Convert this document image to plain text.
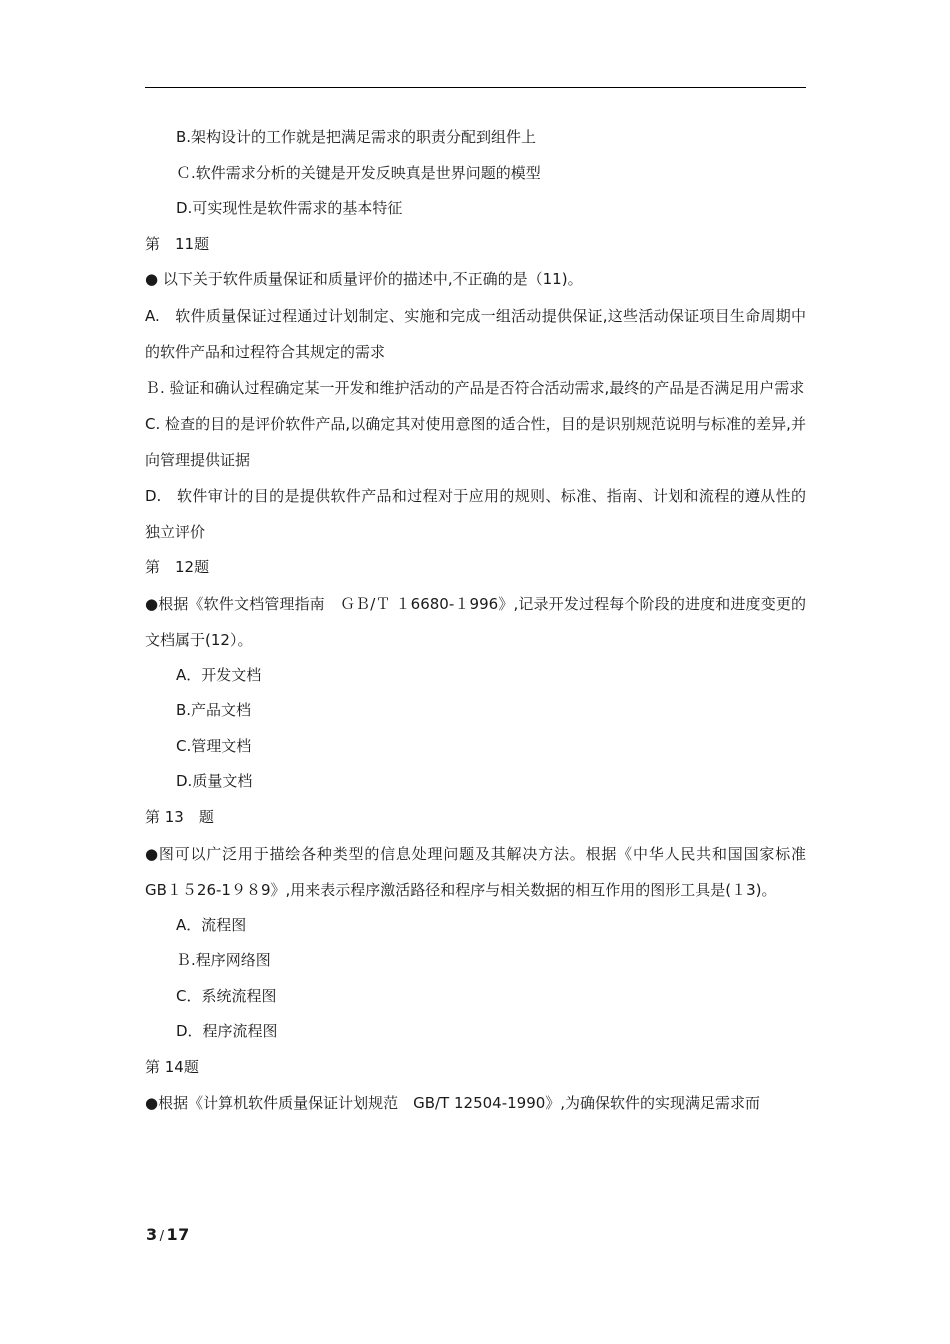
B.架构设计的工作就是把满足需求的职责分配到组件上
Ｃ.软件需求分析的关键是开发反映真是世界问题的模型
D.可实现性是软件需求的基本特征
第　11题
● 以下关于软件质量保证和质量评价的描述中,不正确的是（11)。
A.　软件质量保证过程通过计划制定、实施和完成一组活动提供保证,这些活动保证项目生命周期中的软件产品和过程符合其规定的需求
Ｂ. 验证和确认过程确定某一开发和维护活动的产品是否符合活动需求,最终的产品是否满足用户需求
C. 检查的目的是评价软件产品,以确定其对使用意图的适合性，目的是识别规范说明与标准的差异,并向管理提供证据
D.　软件审计的目的是提供软件产品和过程对于应用的规则、标准、指南、计划和流程的遵从性的独立评价
第　12题
●根据《软件文档管理指南　ＧＢ/Ｔ １6680-１996》,记录开发过程每个阶段的进度和进度变更的文档属于(12）。
A．开发文档
B.产品文档
C.管理文档
D.质量文档
第 13　题
●图可以广泛用于描绘各种类型的信息处理问题及其解决方法。根据《中华人民共和国国家标准　GB１５26-1９８9》,用来表示程序激活路径和程序与相关数据的相互作用的图形工具是(１3)。
A．流程图
Ｂ.程序网络图
C．系统流程图
D．程序流程图
第 14题
●根据《计算机软件质量保证计划规范　GB/T 12504-1990》,为确保软件的实现满足需求而
3 / 17
